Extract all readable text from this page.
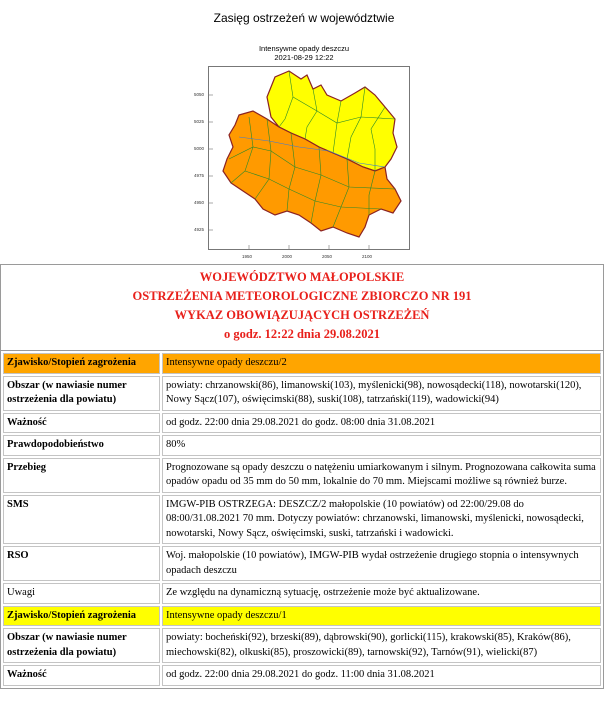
Zasięg ostrzeżeń w województwie
Intensywne opady deszczu
2021-08-29 12:22
5050
5025
5000
4975
4950
4925
1950	2000	2050	2100
WOJEWÓDZTWO MAŁOPOLSKIE
OSTRZEŻENIA METEOROLOGICZNE ZBIORCZO NR 191
WYKAZ OBOWIĄZUJĄCYCH OSTRZEŻEŃ
o godz. 12:22 dnia 29.08.2021
Zjawisko/Stopień zagrożenia	Intensywne opady deszczu/2
Obszar (w nawiasie numer ostrzeżenia dla powiatu)	powiaty: chrzanowski(86), limanowski(103), myślenicki(98), nowosądecki(118), nowotarski(120), Nowy Sącz(107), oświęcimski(88), suski(108), tatrzański(119), wadowicki(94)
Ważność	od godz. 22:00 dnia 29.08.2021 do godz. 08:00 dnia 31.08.2021
Prawdopodobieństwo	80%
Przebieg	Prognozowane są opady deszczu o natężeniu umiarkowanym i silnym. Prognozowana całkowita suma opadów opadu od 35 mm do 50 mm, lokalnie do 70 mm. Miejscami możliwe są również burze.
SMS	IMGW-PIB OSTRZEGA: DESZCZ/2 małopolskie (10 powiatów) od 22:00/29.08 do 08:00/31.08.2021 70 mm. Dotyczy powiatów: chrzanowski, limanowski, myślenicki, nowosądecki, nowotarski, Nowy Sącz, oświęcimski, suski, tatrzański i wadowicki.
RSO	Woj. małopolskie (10 powiatów), IMGW-PIB wydał ostrzeżenie drugiego stopnia o intensywnych opadach deszczu
Uwagi	Ze względu na dynamiczną sytuację, ostrzeżenie może być aktualizowane.
Zjawisko/Stopień zagrożenia	Intensywne opady deszczu/1
Obszar (w nawiasie numer ostrzeżenia dla powiatu)	powiaty: bocheński(92), brzeski(89), dąbrowski(90), gorlicki(115), krakowski(85), Kraków(86), miechowski(82), olkuski(85), proszowicki(89), tarnowski(92), Tarnów(91), wielicki(87)
Ważność	od godz. 22:00 dnia 29.08.2021 do godz. 11:00 dnia 31.08.2021
